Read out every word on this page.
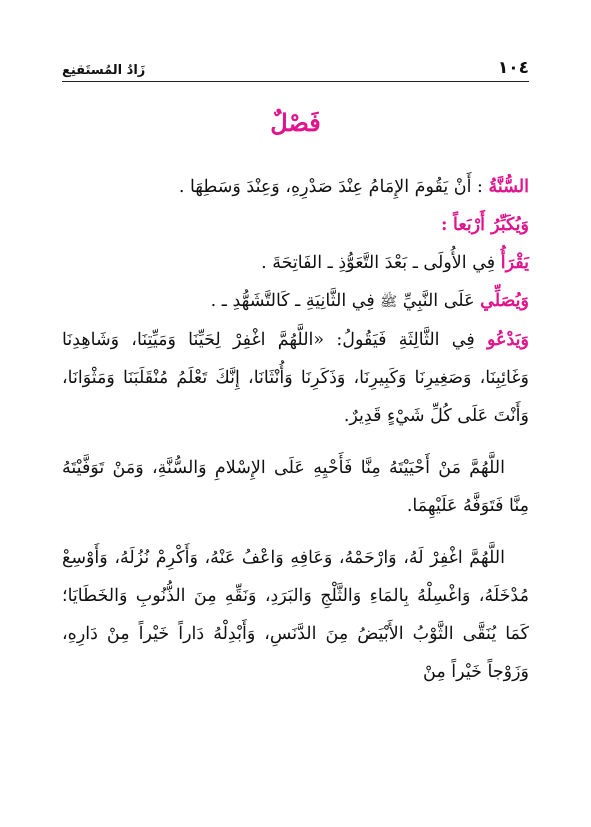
١٠٤
زَادُ المُستَقنِع
فَصْلٌ

السُّنَّةُ : أَنْ يَقُومَ الإِمَامُ عِنْدَ صَدْرِهِ، وَعِنْدَ وَسَطِهَا .

وَيُكَبِّرُ أَرْبَعاً :

يَقْرَأُ فِي الأُولَى ـ بَعْدَ التَّعَوُّذِ ـ الفَاتِحَةَ .

وَيُصَلِّي عَلَى النَّبِيِّ ﷺ فِي الثَّانِيَةِ ـ كَالتَّشَهُّدِ ـ .

وَيَدْعُو فِي الثَّالِثَةِ فَيَقُولُ: «اللَّهُمَّ اغْفِرْ لِحَيِّنَا وَمَيِّتِنَا، وَشَاهِدِنَا وَغَائِبِنَا، وَصَغِيرِنَا وَكَبِيرِنَا، وَذَكَرِنَا وَأُنْثَانَا، إِنَّكَ تَعْلَمُ مُنْقَلَبَنَا وَمَثْوَانَا، وَأَنْتَ عَلَى كُلِّ شَيْءٍ قَدِيرٌ.

اللَّهُمَّ مَنْ أَحْيَيْتَهُ مِنَّا فَأَحْيِهِ عَلَى الإِسْلامِ وَالسُّنَّةِ، وَمَنْ تَوَفَّيْتَهُ مِنَّا فَتَوَفَّهُ عَلَيْهِمَا.

اللَّهُمَّ اغْفِرْ لَهُ، وَارْحَمْهُ، وَعَافِهِ وَاعْفُ عَنْهُ، وَأَكْرِمْ نُزُلَهُ، وَأَوْسِعْ مُدْخَلَهُ، وَاغْسِلْهُ بِالمَاءِ وَالثَّلْجِ وَالبَرَدِ، وَنَقِّهِ مِنَ الذُّنُوبِ وَالخَطَايَا؛ كَمَا يُنَقَّى الثَّوْبُ الأَبْيَضُ مِنَ الدَّنَسِ، وَأَبْدِلْهُ دَاراً خَيْراً مِنْ دَارِهِ، وَزَوْجاً خَيْراً مِنْ
